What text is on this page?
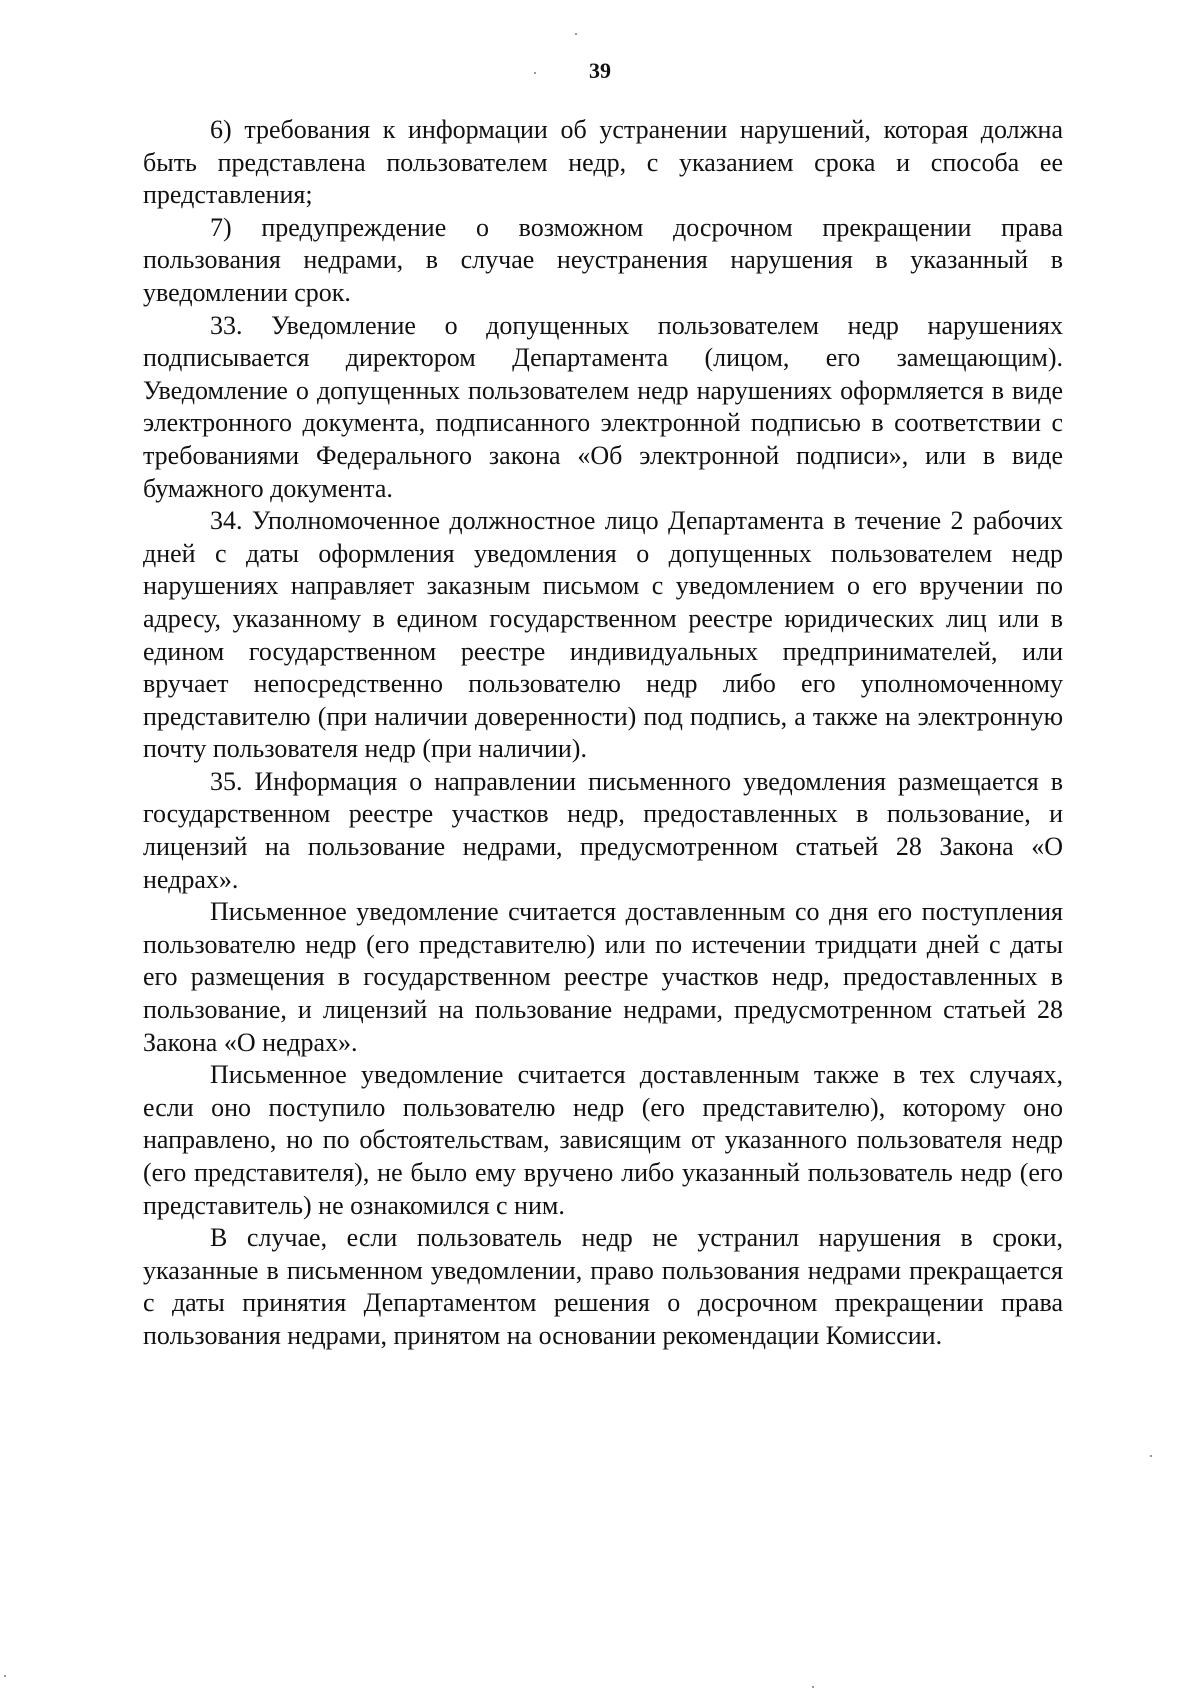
39

6) требования к информации об устранении нарушений, которая должна быть представлена пользователем недр, с указанием срока и способа ее представления;

7) предупреждение о возможном досрочном прекращении права пользования недрами, в случае неустранения нарушения в указанный в уведомлении срок.

33. Уведомление о допущенных пользователем недр нарушениях подписывается директором Департамента (лицом, его замещающим). Уведомление о допущенных пользователем недр нарушениях оформляется в виде электронного документа, подписанного электронной подписью в соответствии с требованиями Федерального закона «Об электронной подписи», или в виде бумажного документа.

34. Уполномоченное должностное лицо Департамента в течение 2 рабочих дней с даты оформления уведомления о допущенных пользователем недр нарушениях направляет заказным письмом с уведомлением о его вручении по адресу, указанному в едином государственном реестре юридических лиц или в едином государственном реестре индивидуальных предпринимателей, или вручает непосредственно пользователю недр либо его уполномоченному представителю (при наличии доверенности) под подпись, а также на электронную почту пользователя недр (при наличии).

35. Информация о направлении письменного уведомления размещается в государственном реестре участков недр, предоставленных в пользование, и лицензий на пользование недрами, предусмотренном статьей 28 Закона «О недрах».

Письменное уведомление считается доставленным со дня его поступления пользователю недр (его представителю) или по истечении тридцати дней с даты его размещения в государственном реестре участков недр, предоставленных в пользование, и лицензий на пользование недрами, предусмотренном статьей 28 Закона «О недрах».

Письменное уведомление считается доставленным также в тех случаях, если оно поступило пользователю недр (его представителю), которому оно направлено, но по обстоятельствам, зависящим от указанного пользователя недр (его представителя), не было ему вручено либо указанный пользователь недр (его представитель) не ознакомился с ним.

В случае, если пользователь недр не устранил нарушения в сроки, указанные в письменном уведомлении, право пользования недрами прекращается с даты принятия Департаментом решения о досрочном прекращении права пользования недрами, принятом на основании рекомендации Комиссии.
